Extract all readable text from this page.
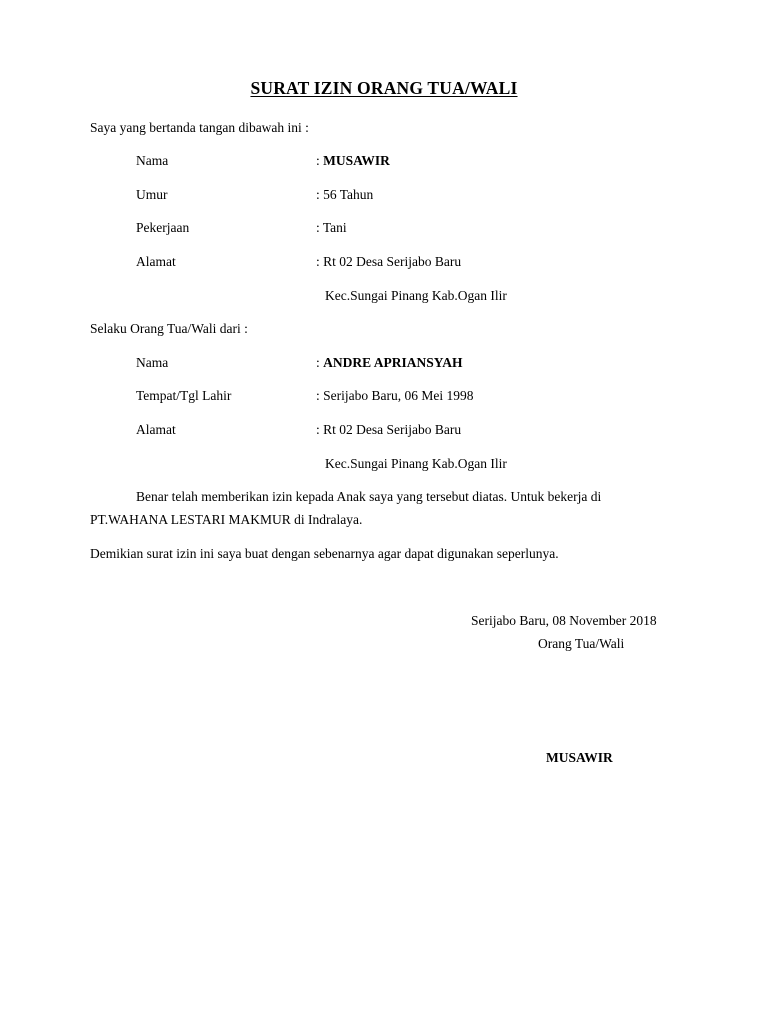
SURAT IZIN ORANG TUA/WALI
Saya yang bertanda tangan dibawah ini :
Nama	: MUSAWIR
Umur	: 56 Tahun
Pekerjaan	: Tani
Alamat	: Rt 02 Desa Serijabo Baru
Kec.Sungai Pinang Kab.Ogan Ilir
Selaku Orang Tua/Wali dari :
Nama	: ANDRE APRIANSYAH
Tempat/Tgl Lahir	: Serijabo Baru, 06 Mei 1998
Alamat	: Rt 02 Desa Serijabo Baru
Kec.Sungai Pinang Kab.Ogan Ilir
Benar telah memberikan izin kepada Anak saya yang tersebut diatas. Untuk bekerja di
PT.WAHANA LESTARI MAKMUR di Indralaya.
Demikian surat izin ini saya buat dengan sebenarnya agar dapat digunakan seperlunya.
Serijabo Baru, 08 November 2018
Orang Tua/Wali
MUSAWIR
